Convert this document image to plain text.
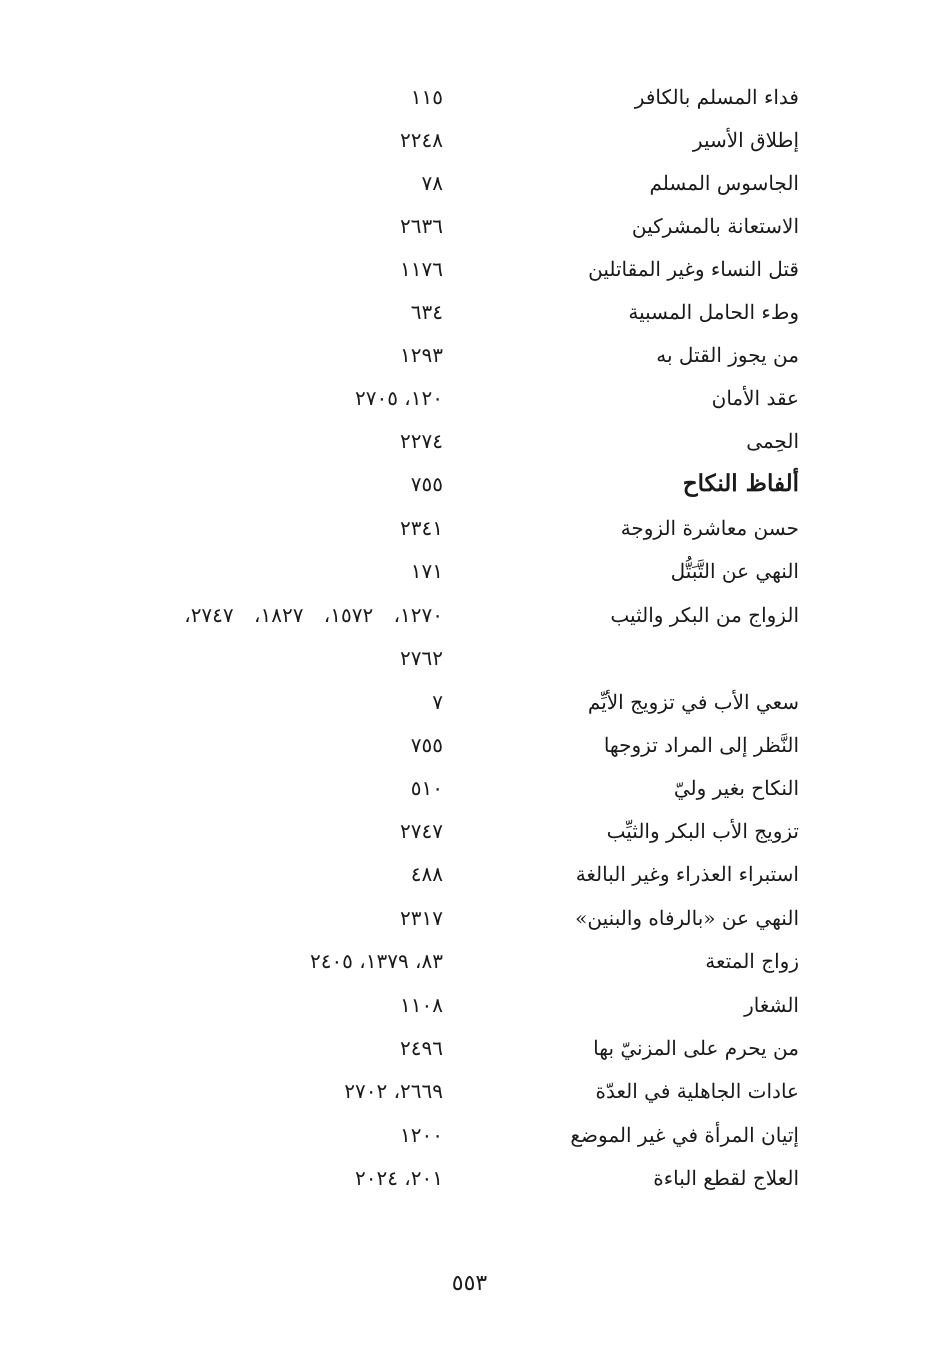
فداء المسلم بالكافر
١١٥
إطلاق الأسير
٢٢٤٨
الجاسوس المسلم
٧٨
الاستعانة بالمشركين
٢٦٣٦
قتل النساء وغير المقاتلين
١١٧٦
وطء الحامل المسبية
٦٣٤
من يجوز القتل به
١٢٩٣
عقد الأمان
١٢٠، ٢٧٠٥
الحِمى
٢٢٧٤
ألفاظ النكاح
٧٥٥
حسن معاشرة الزوجة
٢٣٤١
النهي عن التَّبَتُّل
١٧١
الزواج من البكر والثيب
١٢٧٠، ١٥٧٢، ١٨٢٧، ٢٧٤٧،
٢٧٦٢
سعي الأب في تزويج الأيِّم
٧
النَّظر إلى المراد تزوجها
٧٥٥
النكاح بغير وليّ
٥١٠
تزويج الأب البكر والثيِّب
٢٧٤٧
استبراء العذراء وغير البالغة
٤٨٨
النهي عن «بالرفاه والبنين»
٢٣١٧
زواج المتعة
٨٣، ١٣٧٩، ٢٤٠٥
الشغار
١١٠٨
من يحرم على المزنيّ بها
٢٤٩٦
عادات الجاهلية في العدّة
٢٦٦٩، ٢٧٠٢
إتيان المرأة في غير الموضع
١٢٠٠
العلاج لقطع الباءة
٢٠١، ٢٠٢٤
٥٥٣
